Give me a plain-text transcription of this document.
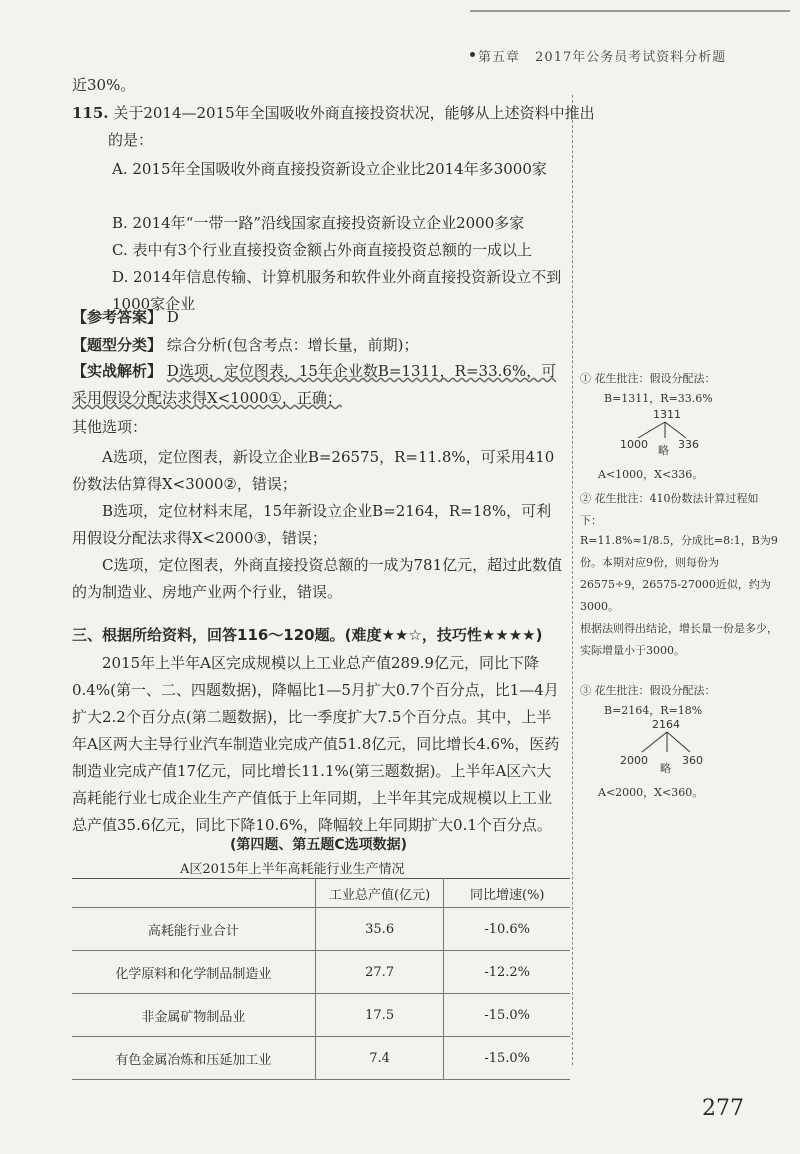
第五章 2017年公务员考试资料分析题
近30%。
115. 关于2014—2015年全国吸收外商直接投资状况，能够从上述资料中推出的是：
A. 2015年全国吸收外商直接投资新设立企业比2014年多3000家
B. 2014年“一带一路”沿线国家直接投资新设立企业2000多家
C. 表中有3个行业直接投资金额占外商直接投资总额的一成以上
D. 2014年信息传输、计算机服务和软件业外商直接投资新设立不到1000家企业
【参考答案】 D
【题型分类】 综合分析(包含考点：增长量，前期)；
【实战解析】 D选项，定位图表，15年企业数B=1311，R=33.6%，可采用假设分配法求得X<1000①，正确；
其他选项：
A选项，定位图表，新设立企业B=26575，R=11.8%，可采用410份数法估算得X<3000②，错误；
B选项，定位材料末尾，15年新设立企业B=2164，R=18%，可利用假设分配法求得X<2000③，错误；
C选项，定位图表，外商直接投资总额的一成为781亿元，超过此数值的为制造业、房地产业两个行业，错误。
三、根据所给资料，回答116～120题。(难度★★☆，技巧性★★★★)
2015年上半年A区完成规模以上工业总产值289.9亿元，同比下降0.4%(第一、二、四题数据)，降幅比1—5月扩大0.7个百分点，比1—4月扩大2.2个百分点(第二题数据)，比一季度扩大7.5个百分点。其中，上半年A区两大主导行业汽车制造业完成产值51.8亿元，同比增长4.6%，医药制造业完成产值17亿元，同比增长11.1%(第三题数据)。上半年A区六大高耗能行业七成企业生产产值低于上年同期，上半年其完成规模以上工业总产值35.6亿元，同比下降10.6%，降幅较上年同期扩大0.1个百分点。
(第四题、第五题C选项数据)
A区2015年上半年高耗能行业生产情况
	工业总产值(亿元)	同比增速(%)
高耗能行业合计	35.6	-10.6%
化学原料和化学制品制造业	27.7	-12.2%
非金属矿物制品业	17.5	-15.0%
有色金属冶炼和压延加工业	7.4	-15.0%
① 花生批注：假设分配法：
B=1311，R=33.6%
1311
1000	336
略
A<1000，X<336。
② 花生批注：410份数法计算过程如下：
R=11.8%≈1/8.5，分成比=8:1，B为9份。本期对应9份，则每份为26575÷9，26575-27000近似，约为3000。
根据法则得出结论，增长量一份是多少，实际增量小于3000。
③ 花生批注：假设分配法：
B=2164，R=18%
2164
2000	360
略
A<2000，X<360。
277
